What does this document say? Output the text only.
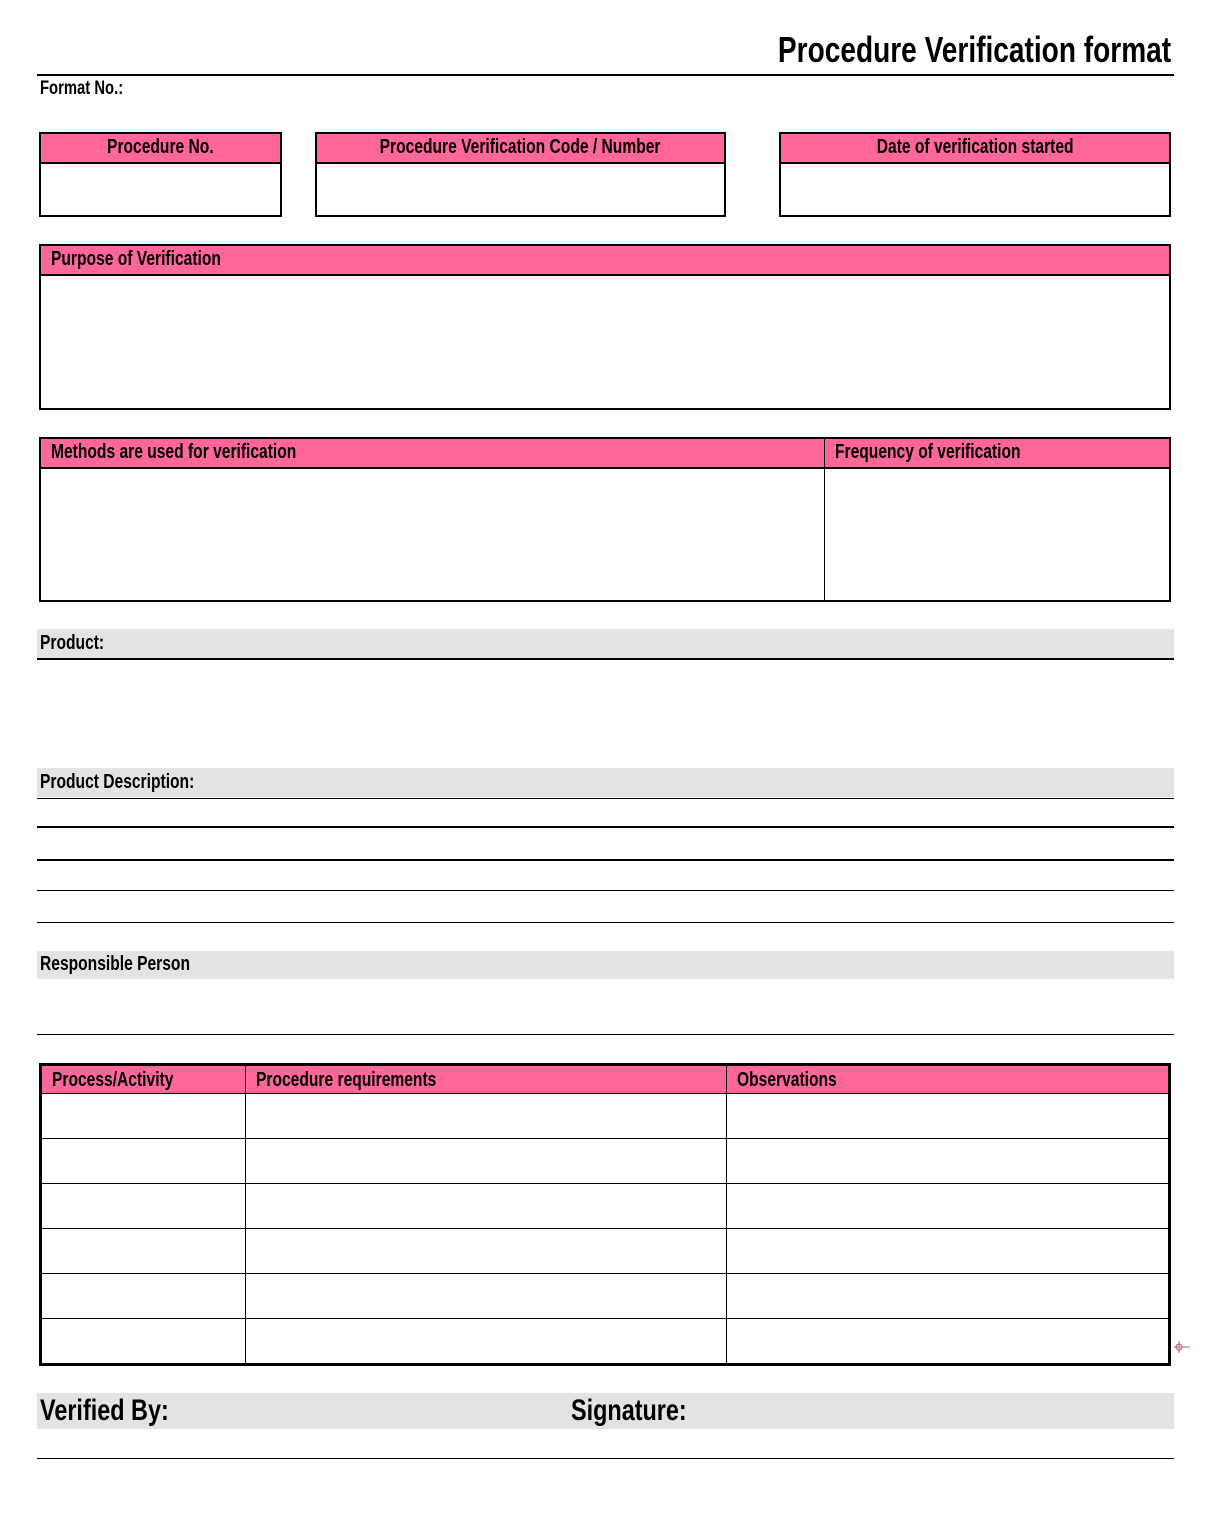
Procedure Verification format
Format No.:
Procedure No.	Procedure Verification Code / Number	Date of verification started
Purpose of Verification
Methods are used for verification	Frequency of verification
Product:
Product Description:
Responsible Person
Process/Activity	Procedure requirements	Observations

Verified By:	Signature:
